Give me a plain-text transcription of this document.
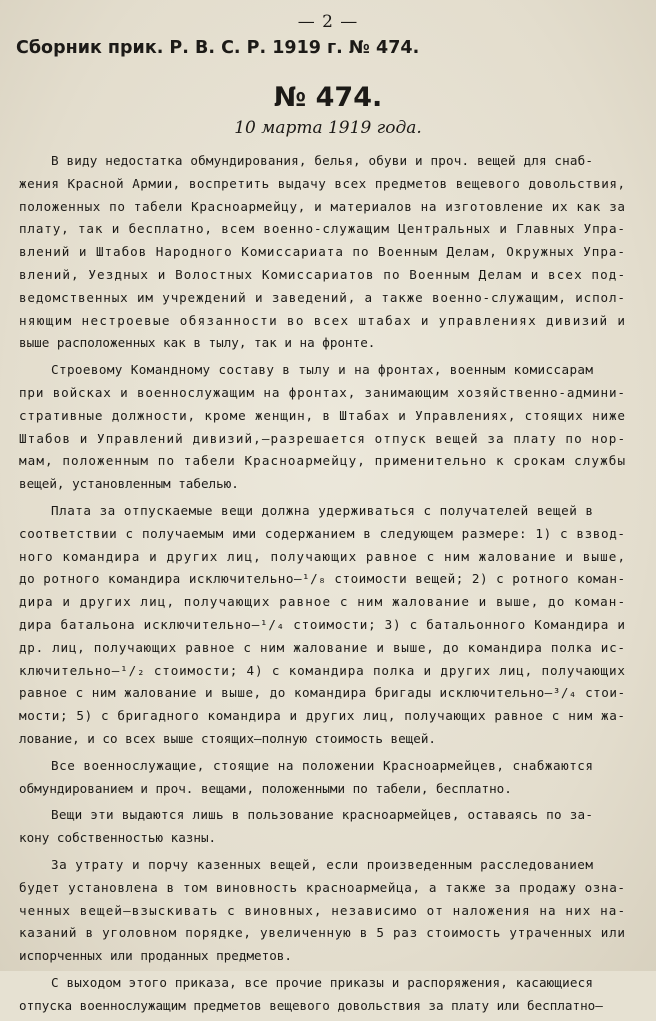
— 2 —
Сборник прик. Р. В. С. Р. 1919 г. № 474.
№ 474.
10 марта 1919 года.
В виду недостатка обмундирования, белья, обуви и проч. вещей для снаб-
жения Красной Армии, воспретить выдачу всех предметов вещевого довольствия,
положенных по табели Красноармейцу, и материалов на изготовление их как за
плату, так и бесплатно, всем военно-служащим Центральных и Главных Упра-
влений и Штабов Народного Комиссариата по Военным Делам, Окружных Упра-
влений, Уездных и Волостных Комиссариатов по Военным Делам и всех под-
ведомственных им учреждений и заведений, а также военно-служащим, испол-
няющим нестроевые обязанности во всех штабах и управлениях дивизий и
выше расположенных как в тылу, так и на фронте.
Строевому Командному составу в тылу и на фронтах, военным комиссарам
при войсках и военнослужащим на фронтах, занимающим хозяйственно-админи-
стративные должности, кроме женщин, в Штабах и Управлениях, стоящих ниже
Штабов и Управлений дивизий,—разрешается отпуск вещей за плату по нор-
мам, положенным по табели Красноармейцу, применительно к срокам службы
вещей, установленным табелью.
Плата за отпускаемые вещи должна удерживаться с получателей вещей в
соответствии с получаемым ими содержанием в следующем размере: 1) с взвод-
ного командира и других лиц, получающих равное с ним жалование и выше,
до ротного командира исключительно—¹/₈ стоимости вещей; 2) с ротного коман-
дира и других лиц, получающих равное с ним жалование и выше, до коман-
дира батальона исключительно—¹/₄ стоимости; 3) с батальонного Командира и
др. лиц, получающих равное с ним жалование и выше, до командира полка ис-
ключительно—¹/₂ стоимости; 4) с командира полка и других лиц, получающих
равное с ним жалование и выше, до командира бригады исключительно—³/₄ стои-
мости; 5) с бригадного командира и других лиц, получающих равное с ним жа-
лование, и со всех выше стоящих—полную стоимость вещей.
Все военнослужащие, стоящие на положении Красноармейцев, снабжаются
обмундированием и проч. вещами, положенными по табели, бесплатно.
Вещи эти выдаются лишь в пользование красноармейцев, оставаясь по за-
кону собственностью казны.
За утрату и порчу казенных вещей, если произведенным расследованием
будет установлена в том виновность красноармейца, а также за продажу озна-
ченных вещей—взыскивать с виновных, независимо от наложения на них на-
казаний в уголовном порядке, увеличенную в 5 раз стоимость утраченных или
испорченных или проданных предметов.
С выходом этого приказа, все прочие приказы и распоряжения, касающиеся
отпуска военнослужащим предметов вещевого довольствия за плату или бесплатно—
